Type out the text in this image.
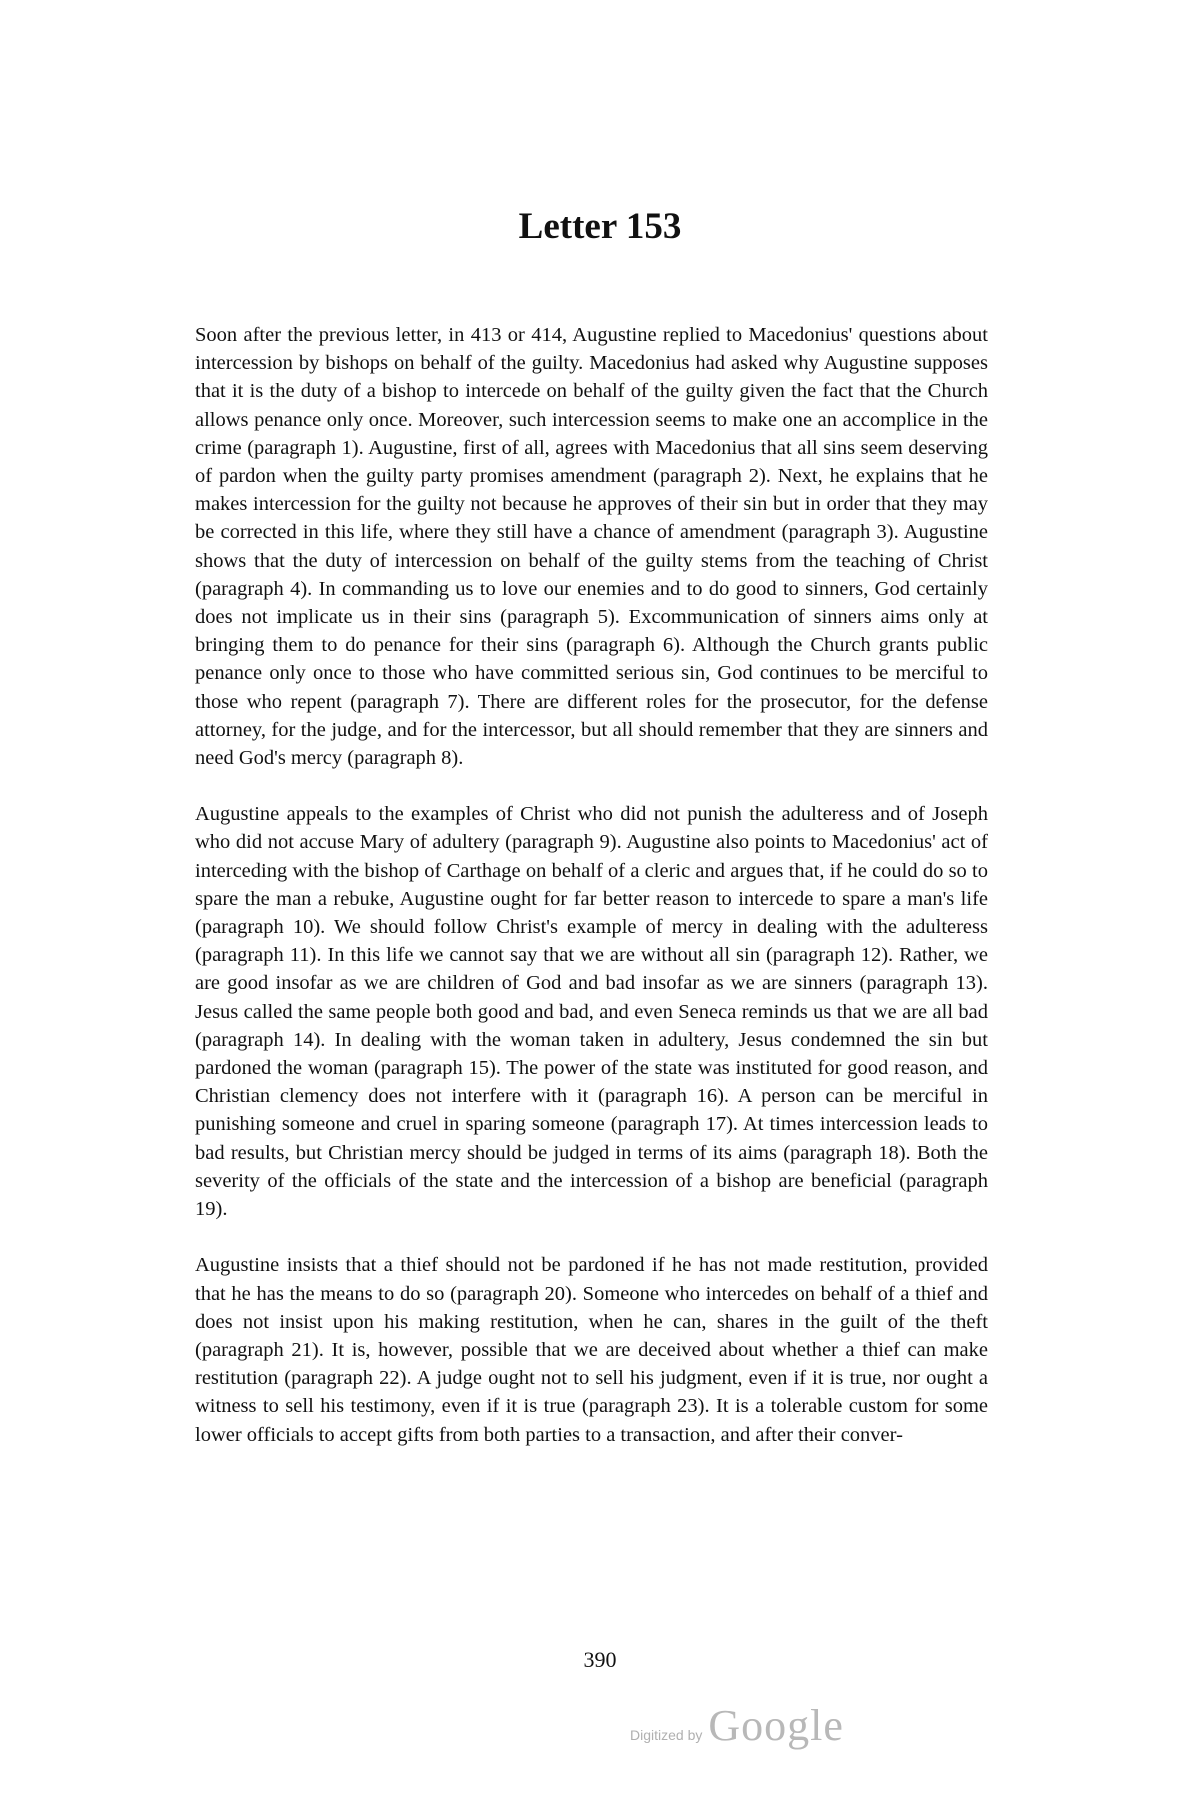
Letter 153

Soon after the previous letter, in 413 or 414, Augustine replied to Macedonius' questions about intercession by bishops on behalf of the guilty. Macedonius had asked why Augustine supposes that it is the duty of a bishop to intercede on behalf of the guilty given the fact that the Church allows penance only once. Moreover, such intercession seems to make one an accomplice in the crime (paragraph 1). Augustine, first of all, agrees with Macedonius that all sins seem deserving of pardon when the guilty party promises amendment (paragraph 2). Next, he explains that he makes intercession for the guilty not because he approves of their sin but in order that they may be corrected in this life, where they still have a chance of amendment (paragraph 3). Augustine shows that the duty of intercession on behalf of the guilty stems from the teaching of Christ (paragraph 4). In commanding us to love our enemies and to do good to sinners, God certainly does not implicate us in their sins (paragraph 5). Excommunication of sinners aims only at bringing them to do penance for their sins (paragraph 6). Although the Church grants public penance only once to those who have committed serious sin, God continues to be merciful to those who repent (paragraph 7). There are different roles for the prosecutor, for the defense attorney, for the judge, and for the intercessor, but all should remember that they are sinners and need God's mercy (paragraph 8).

Augustine appeals to the examples of Christ who did not punish the adulteress and of Joseph who did not accuse Mary of adultery (paragraph 9). Augustine also points to Macedonius' act of interceding with the bishop of Carthage on behalf of a cleric and argues that, if he could do so to spare the man a rebuke, Augustine ought for far better reason to intercede to spare a man's life (paragraph 10). We should follow Christ's example of mercy in dealing with the adulteress (paragraph 11). In this life we cannot say that we are without all sin (paragraph 12). Rather, we are good insofar as we are children of God and bad insofar as we are sinners (paragraph 13). Jesus called the same people both good and bad, and even Seneca reminds us that we are all bad (paragraph 14). In dealing with the woman taken in adultery, Jesus condemned the sin but pardoned the woman (paragraph 15). The power of the state was instituted for good reason, and Christian clemency does not interfere with it (paragraph 16). A person can be merciful in punishing someone and cruel in sparing someone (paragraph 17). At times intercession leads to bad results, but Christian mercy should be judged in terms of its aims (paragraph 18). Both the severity of the officials of the state and the intercession of a bishop are beneficial (paragraph 19).

Augustine insists that a thief should not be pardoned if he has not made restitution, provided that he has the means to do so (paragraph 20). Someone who intercedes on behalf of a thief and does not insist upon his making restitution, when he can, shares in the guilt of the theft (paragraph 21). It is, however, possible that we are deceived about whether a thief can make restitution (paragraph 22). A judge ought not to sell his judgment, even if it is true, nor ought a witness to sell his testimony, even if it is true (paragraph 23). It is a tolerable custom for some lower officials to accept gifts from both parties to a transaction, and after their conver-

390
Digitized by Google
